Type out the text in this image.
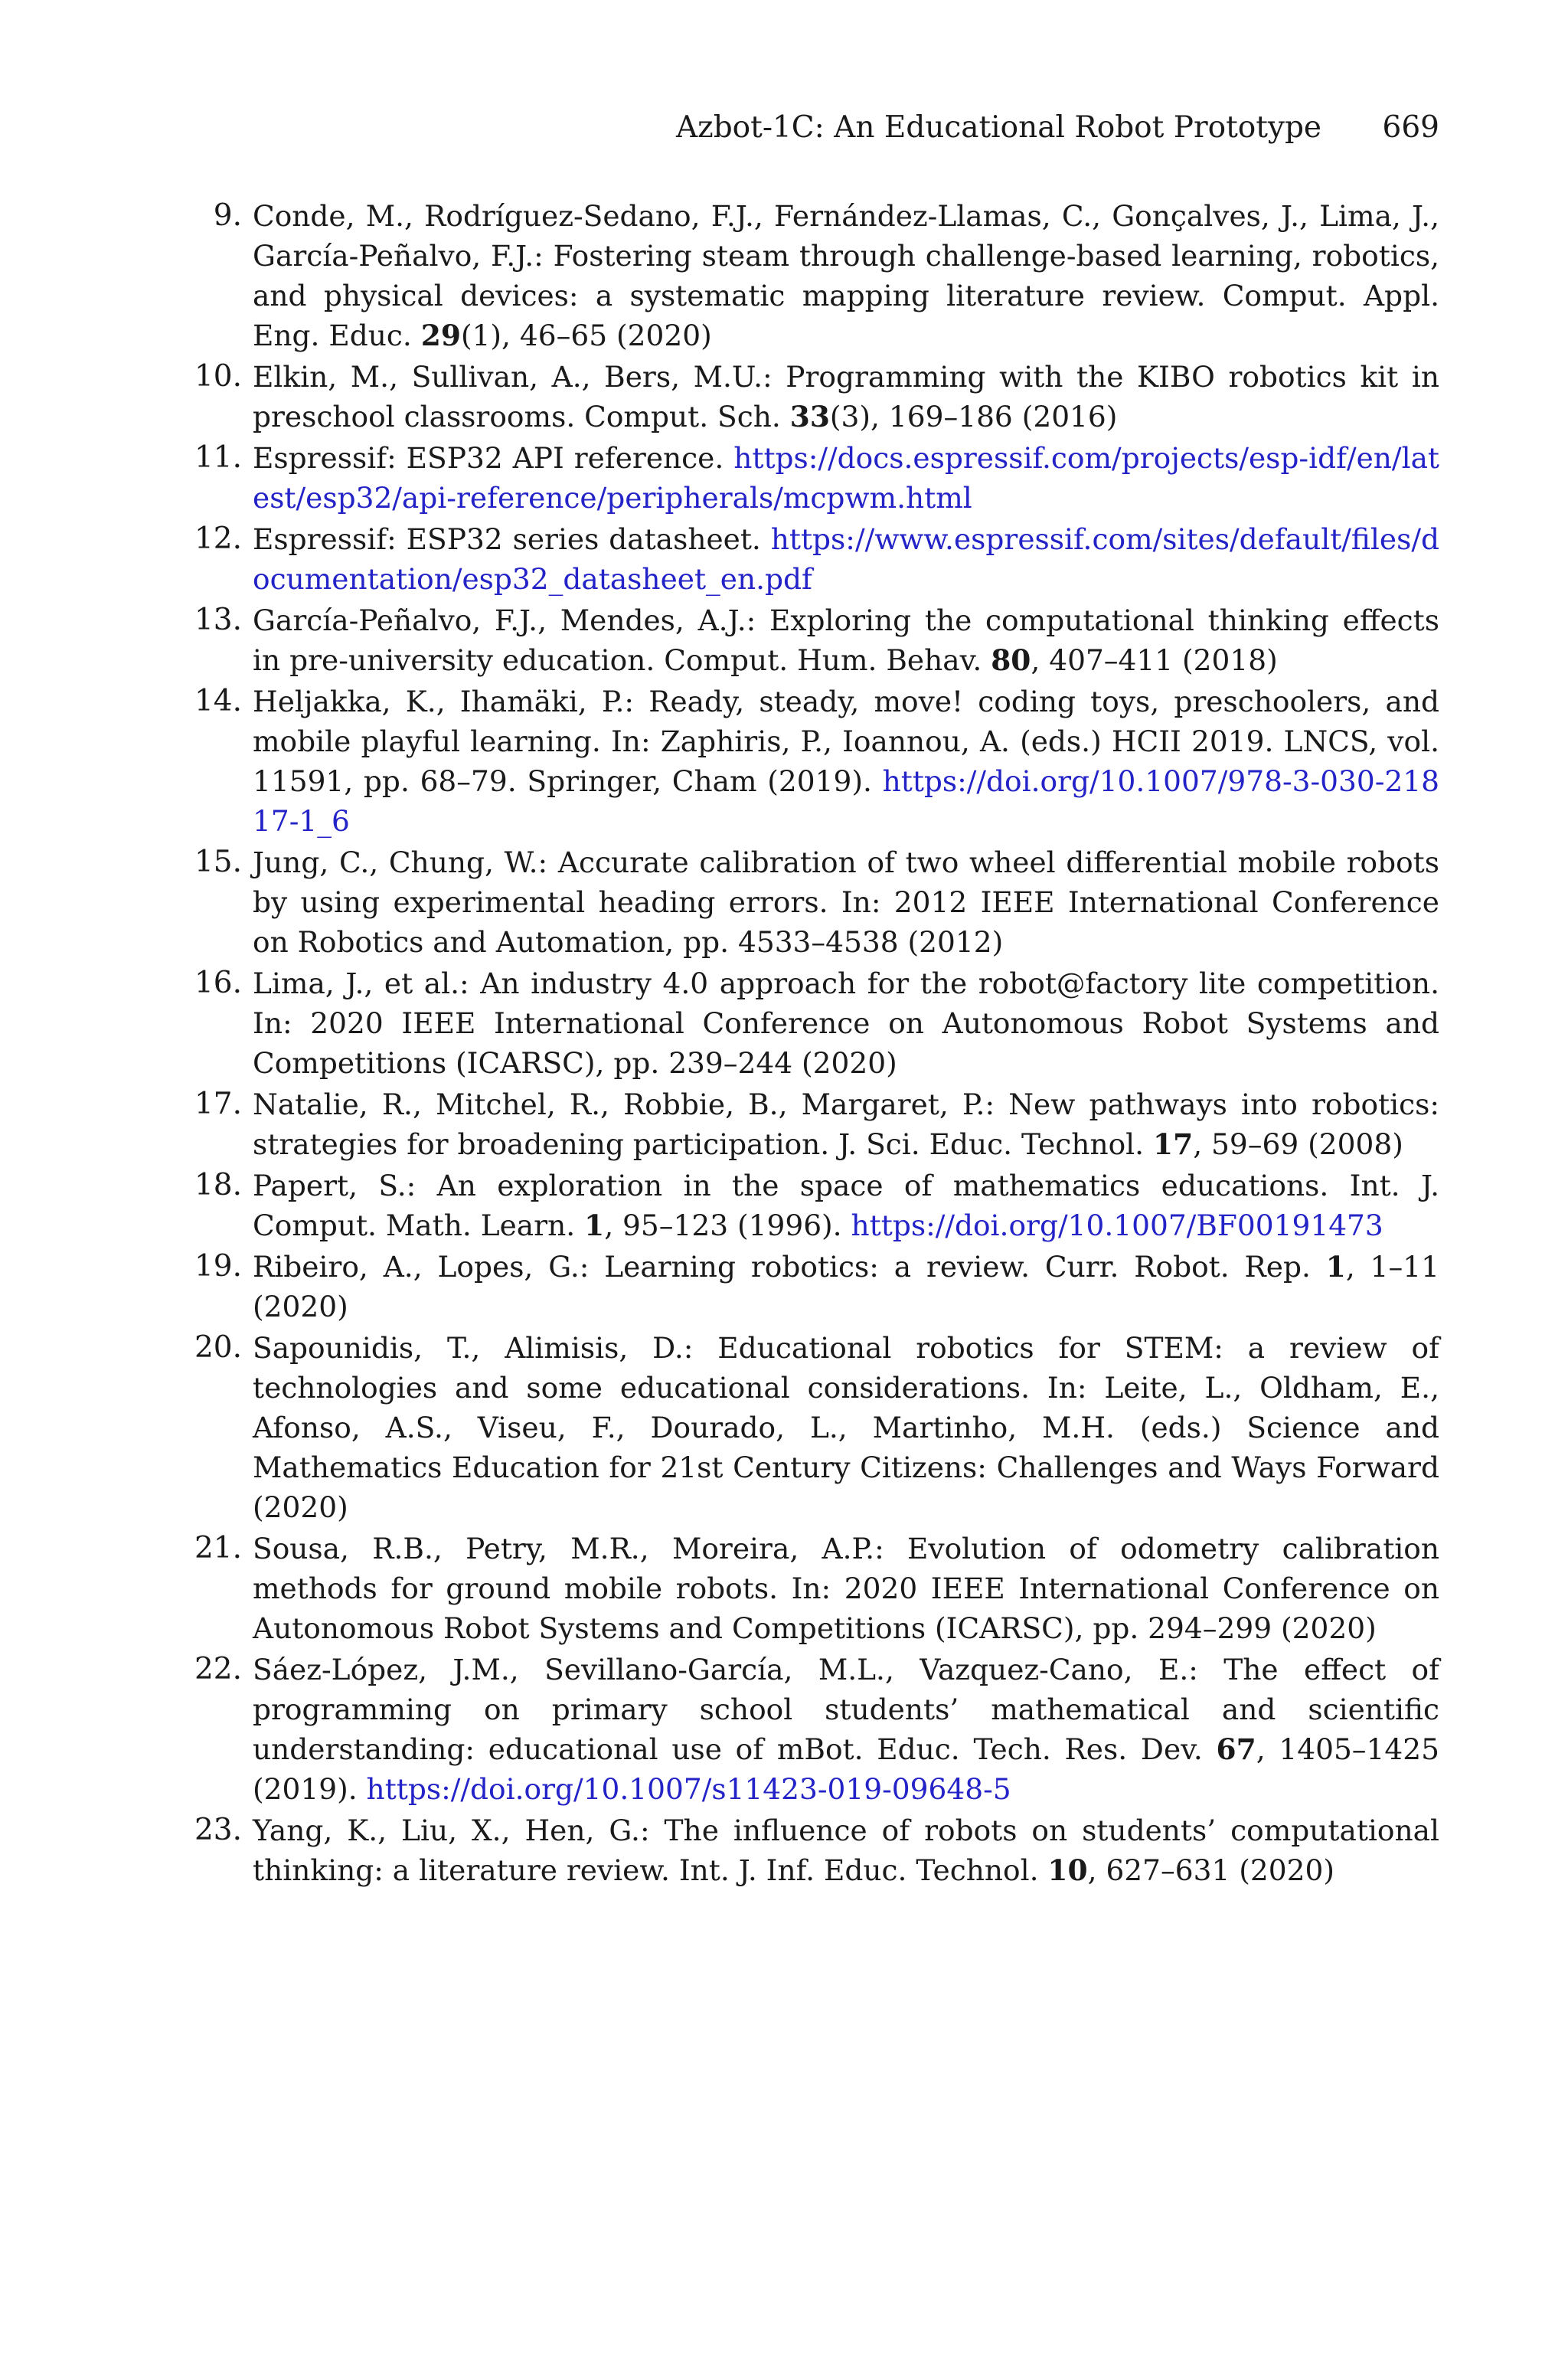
Azbot-1C: An Educational Robot Prototype 669
9. Conde, M., Rodríguez-Sedano, F.J., Fernández-Llamas, C., Gonçalves, J., Lima, J., García-Peñalvo, F.J.: Fostering steam through challenge-based learning, robotics, and physical devices: a systematic mapping literature review. Comput. Appl. Eng. Educ. 29(1), 46–65 (2020)
10. Elkin, M., Sullivan, A., Bers, M.U.: Programming with the KIBO robotics kit in preschool classrooms. Comput. Sch. 33(3), 169–186 (2016)
11. Espressif: ESP32 API reference. https://docs.espressif.com/projects/esp-idf/en/latest/esp32/api-reference/peripherals/mcpwm.html
12. Espressif: ESP32 series datasheet. https://www.espressif.com/sites/default/files/documentation/esp32_datasheet_en.pdf
13. García-Peñalvo, F.J., Mendes, A.J.: Exploring the computational thinking effects in pre-university education. Comput. Hum. Behav. 80, 407–411 (2018)
14. Heljakka, K., Ihamäki, P.: Ready, steady, move! coding toys, preschoolers, and mobile playful learning. In: Zaphiris, P., Ioannou, A. (eds.) HCII 2019. LNCS, vol. 11591, pp. 68–79. Springer, Cham (2019). https://doi.org/10.1007/978-3-030-21817-1_6
15. Jung, C., Chung, W.: Accurate calibration of two wheel differential mobile robots by using experimental heading errors. In: 2012 IEEE International Conference on Robotics and Automation, pp. 4533–4538 (2012)
16. Lima, J., et al.: An industry 4.0 approach for the robot@factory lite competition. In: 2020 IEEE International Conference on Autonomous Robot Systems and Competitions (ICARSC), pp. 239–244 (2020)
17. Natalie, R., Mitchel, R., Robbie, B., Margaret, P.: New pathways into robotics: strategies for broadening participation. J. Sci. Educ. Technol. 17, 59–69 (2008)
18. Papert, S.: An exploration in the space of mathematics educations. Int. J. Comput. Math. Learn. 1, 95–123 (1996). https://doi.org/10.1007/BF00191473
19. Ribeiro, A., Lopes, G.: Learning robotics: a review. Curr. Robot. Rep. 1, 1–11 (2020)
20. Sapounidis, T., Alimisis, D.: Educational robotics for STEM: a review of technologies and some educational considerations. In: Leite, L., Oldham, E., Afonso, A.S., Viseu, F., Dourado, L., Martinho, M.H. (eds.) Science and Mathematics Education for 21st Century Citizens: Challenges and Ways Forward (2020)
21. Sousa, R.B., Petry, M.R., Moreira, A.P.: Evolution of odometry calibration methods for ground mobile robots. In: 2020 IEEE International Conference on Autonomous Robot Systems and Competitions (ICARSC), pp. 294–299 (2020)
22. Sáez-López, J.M., Sevillano-García, M.L., Vazquez-Cano, E.: The effect of programming on primary school students’ mathematical and scientific understanding: educational use of mBot. Educ. Tech. Res. Dev. 67, 1405–1425 (2019). https://doi.org/10.1007/s11423-019-09648-5
23. Yang, K., Liu, X., Hen, G.: The influence of robots on students’ computational thinking: a literature review. Int. J. Inf. Educ. Technol. 10, 627–631 (2020)
